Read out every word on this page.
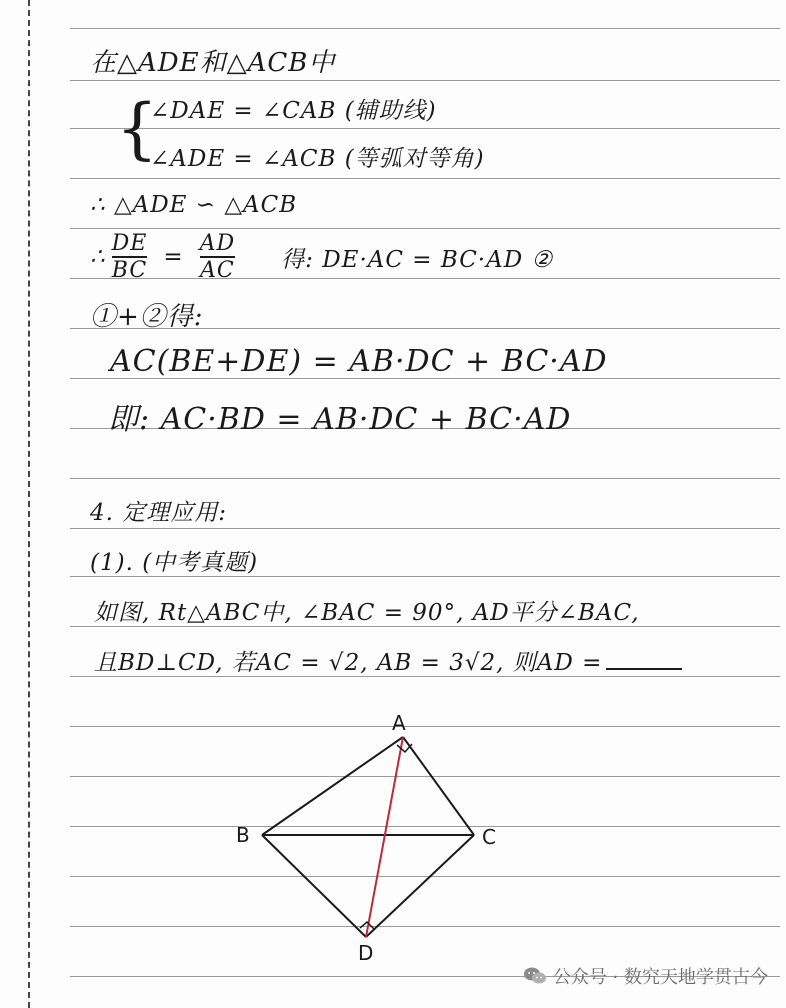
在△ADE和△ACB中
{
∠DAE = ∠CAB (辅助线)
∠ADE = ∠ACB (等弧对等角)
∴ △ADE ∽ △ACB
∴ $\frac{DE}{BC} = \frac{AD}{AC}$ 得: DE·AC = BC·AD ②
①+②得:
AC(BE+DE) = AB·DC + BC·AD
即: AC·BD = AB·DC + BC·AD
4. 定理应用:
(1). (中考真题)
如图, Rt△ABC中, ∠BAC = 90°, AD平分∠BAC,
且BD⊥CD, 若AC = √2, AB = 3√2, 则AD =
A
B	C
D
公众号 · 数究天地学贯古今
